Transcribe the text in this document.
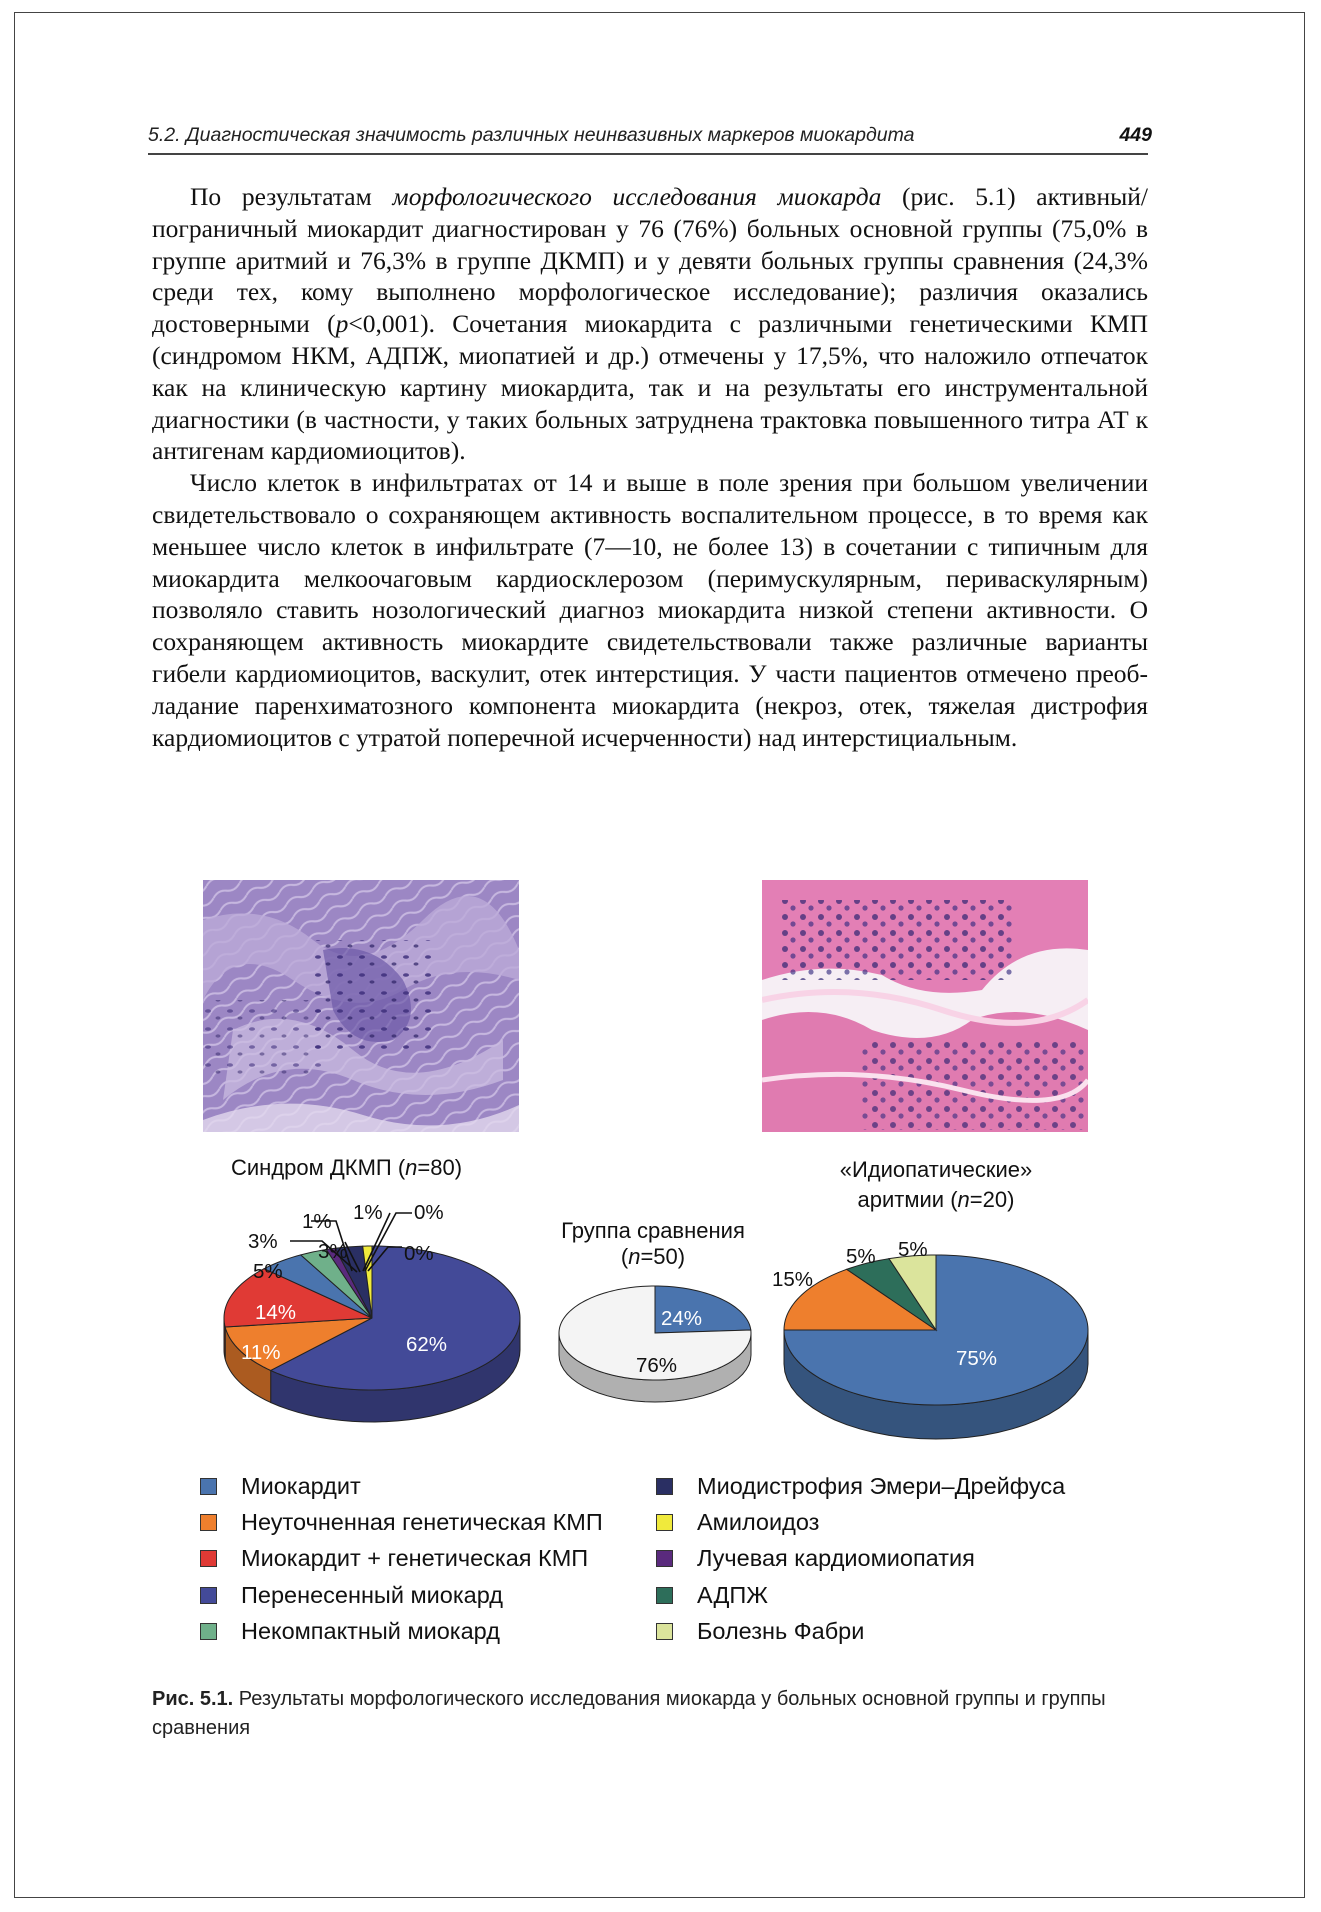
5.2. Диагностическая значимость различных неинвазивных маркеров миокардита	449

По результатам морфологического исследования миокарда (рис. 5.1) активный/пограничный миокардит диагностирован у 76 (76%) больных основной группы (75,0% в группе аритмий и 76,3% в группе ДКМП) и у девяти больных группы сравнения (24,3% среди тех, кому выполнено морфологическое исследование); различия оказались достоверными (p<0,001). Сочетания миокардита с различными генетическими КМП (синдромом НКМ, АДПЖ, миопатией и др.) отмечены у 17,5%, что наложило отпечаток как на клиническую картину миокардита, так и на результаты его инструментальной диагностики (в частности, у таких больных затруднена трактовка повышенного титра АТ к антигенам кардиомиоцитов).

Число клеток в инфильтратах от 14 и выше в поле зрения при большом увеличении свидетельствовало о сохраняющем активность воспалительном процессе, в то время как меньшее число клеток в инфильтрате (7—10, не более 13) в сочетании с типичным для миокардита мелкоочаговым кардиосклерозом (перимускулярным, периваскулярным) позволяло ставить нозологический диагноз миокардита низкой степени активности. О сохраняющем активность миокардите свидетельствовали также различные варианты гибели кардиомиоцитов, васкулит, отек интерстиция. У части пациентов отмечено преобладание паренхиматозного компонента миокардита (некроз, отек, тяжелая дистрофия кардиомиоцитов с утратой поперечной исчерченности) над интерстициальным.

Синдром ДКМП (n=80)
Группа сравнения
(n=50)
«Идиопатические»
аритмии (n=20)
62%
11%
14%
5%
3%
1%
3%
1% 0%
0%
24%
76%	75%
15%
5% 5%
Миокардит
Неуточненная генетическая КМП
Миокардит + генетическая КМП
Перенесенный миокард
Некомпактный миокард
Миодистрофия Эмери–Дрейфуса
Амилоидоз
Лучевая кардиомиопатия
АДПЖ
Болезнь Фабри
Рис. 5.1. Результаты морфологического исследования миокарда у больных основной группы и группы сравнения
